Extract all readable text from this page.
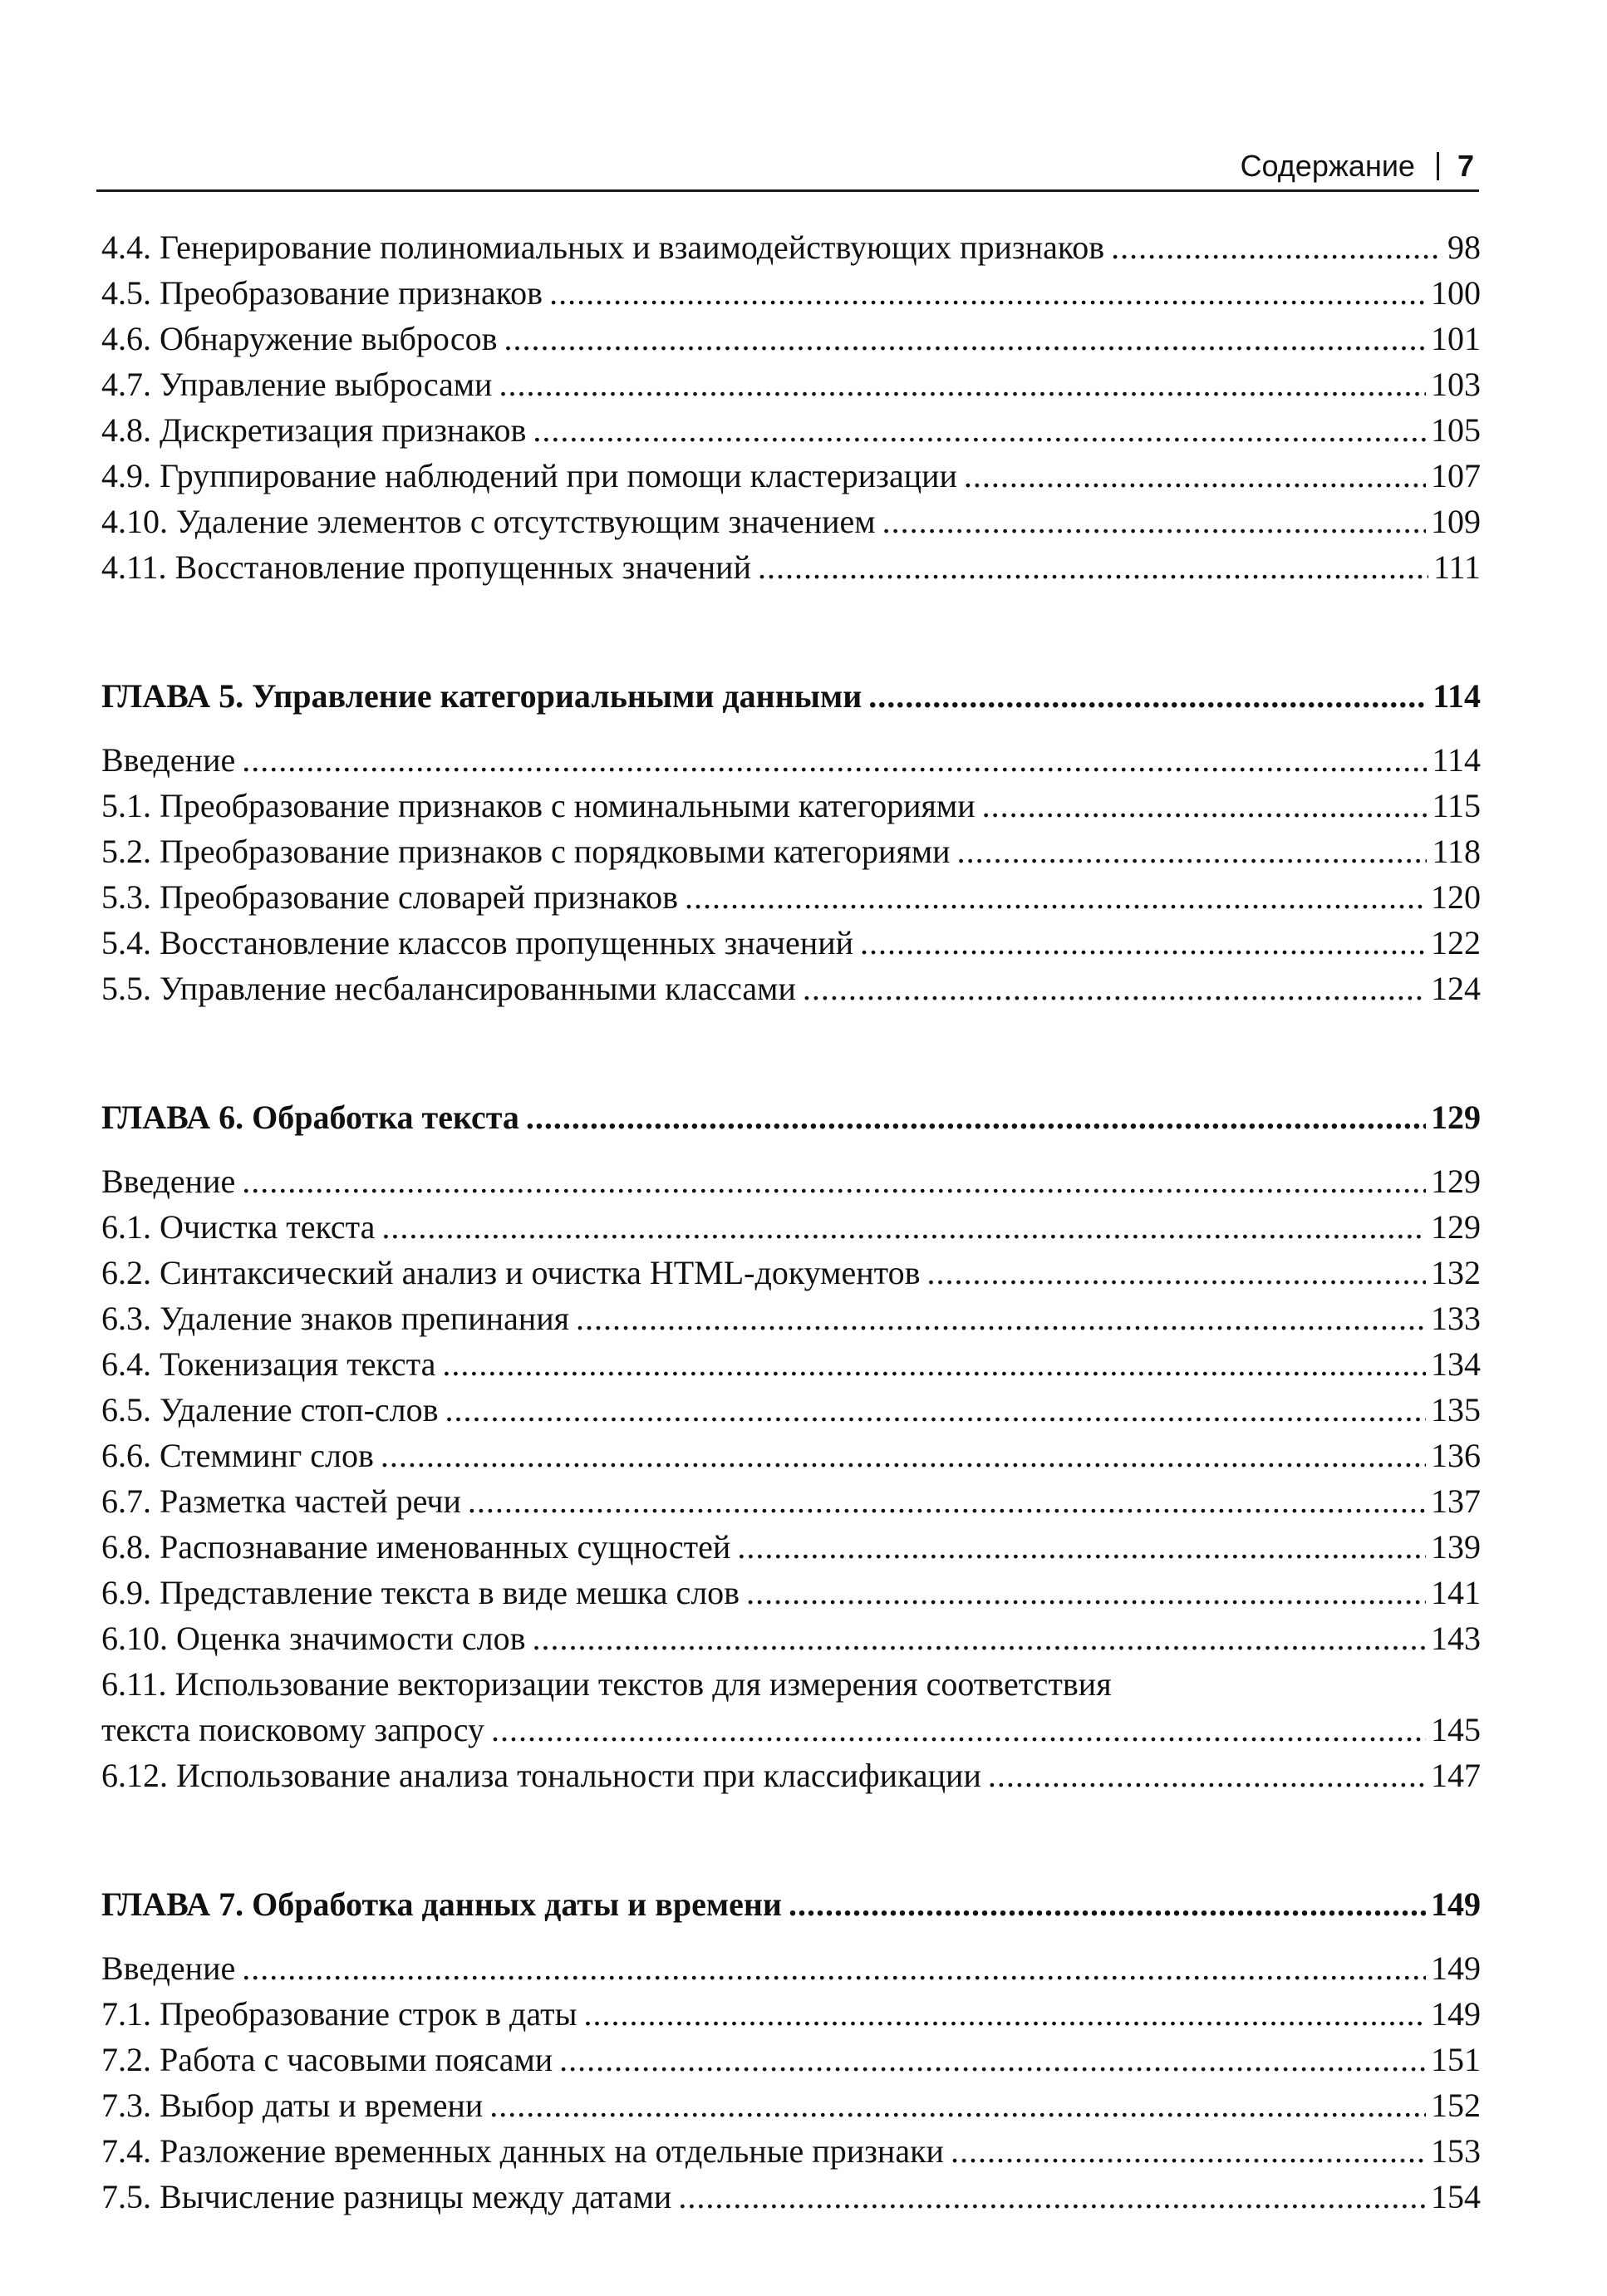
Содержание 7
4.4. Генерирование полиномиальных и взаимодействующих признаков .....	98
4.5. Преобразование признаков .....	100
4.6. Обнаружение выбросов .....	101
4.7. Управление выбросами .....	103
4.8. Дискретизация признаков .....	105
4.9. Группирование наблюдений при помощи кластеризации .....	107
4.10. Удаление элементов с отсутствующим значением .....	109
4.11. Восстановление пропущенных значений .....	111
ГЛАВА 5. Управление категориальными данными .....	114
Введение .....	114
5.1. Преобразование признаков с номинальными категориями .....	115
5.2. Преобразование признаков с порядковыми категориями .....	118
5.3. Преобразование словарей признаков .....	120
5.4. Восстановление классов пропущенных значений .....	122
5.5. Управление несбалансированными классами .....	124
ГЛАВА 6. Обработка текста .....	129
Введение .....	129
6.1. Очистка текста .....	129
6.2. Синтаксический анализ и очистка HTML-документов .....	132
6.3. Удаление знаков препинания .....	133
6.4. Токенизация текста .....	134
6.5. Удаление стоп-слов .....	135
6.6. Стемминг слов .....	136
6.7. Разметка частей речи .....	137
6.8. Распознавание именованных сущностей .....	139
6.9. Представление текста в виде мешка слов .....	141
6.10. Оценка значимости слов .....	143
6.11. Использование векторизации текстов для измерения соответствия
текста поисковому запросу .....	145
6.12. Использование анализа тональности при классификации .....	147
ГЛАВА 7. Обработка данных даты и времени .....	149
Введение .....	149
7.1. Преобразование строк в даты .....	149
7.2. Работа с часовыми поясами .....	151
7.3. Выбор даты и времени .....	152
7.4. Разложение временных данных на отдельные признаки .....	153
7.5. Вычисление разницы между датами .....	154
